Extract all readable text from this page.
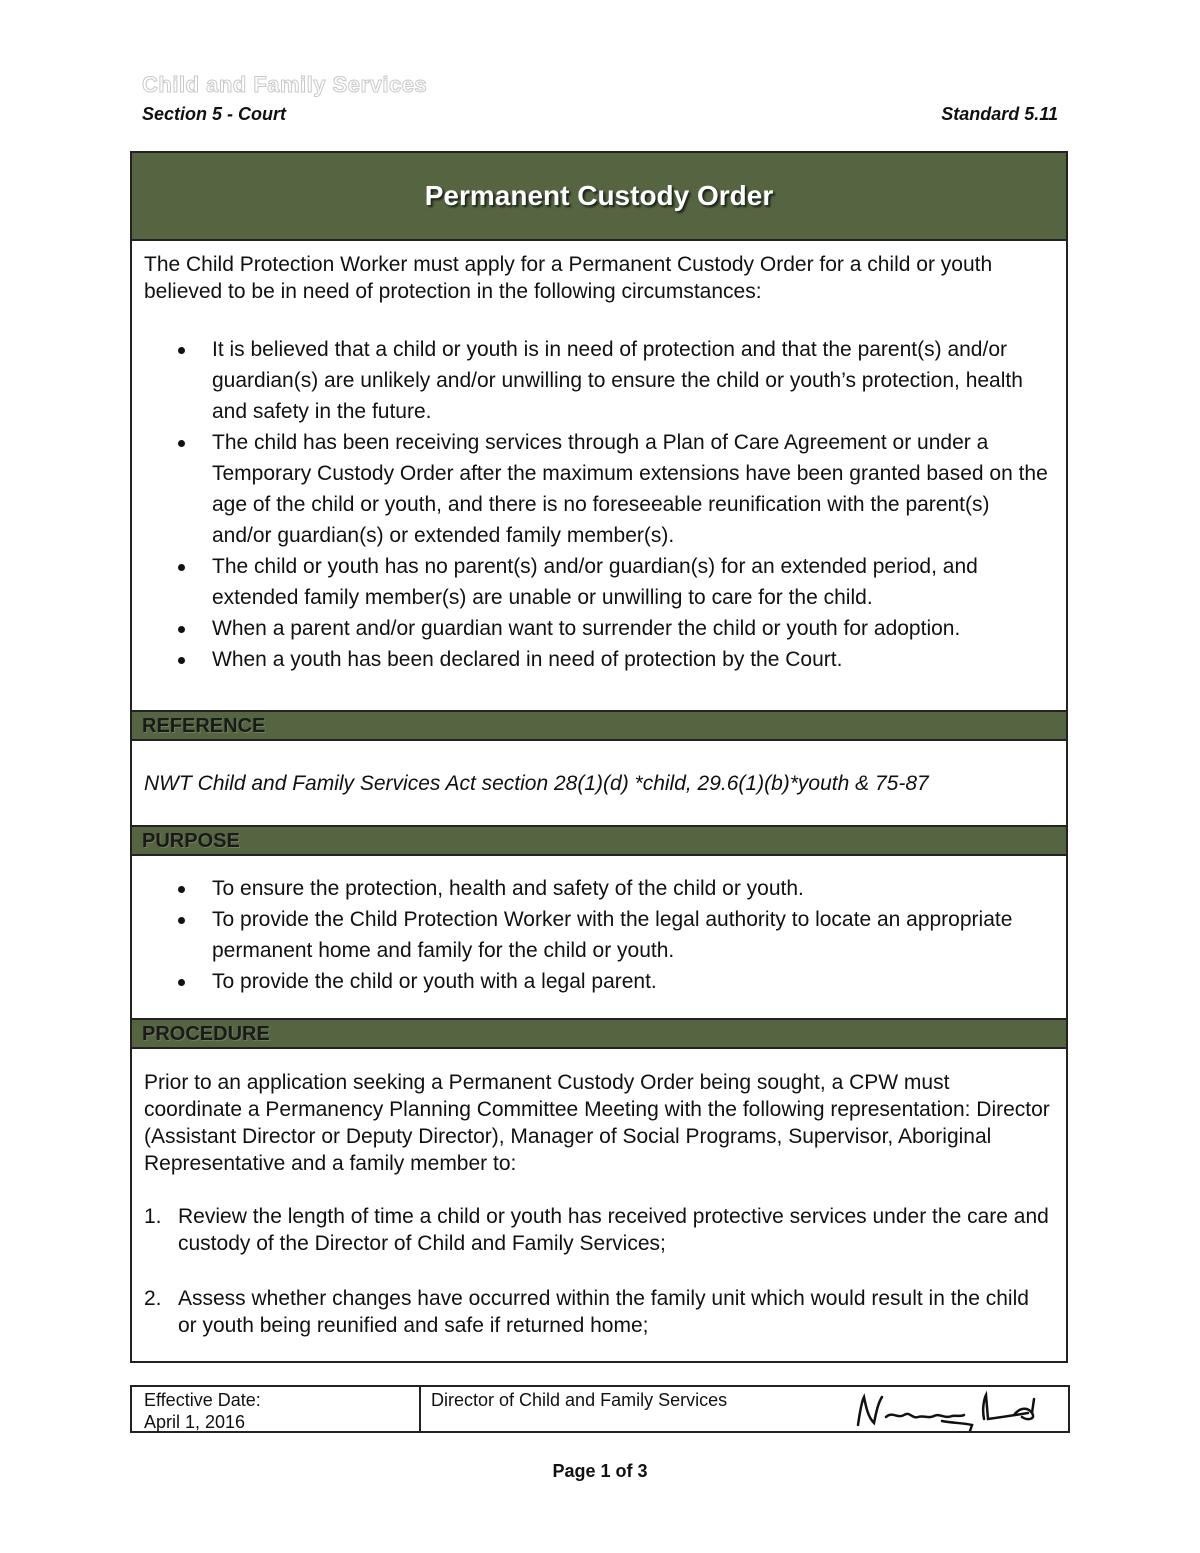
Child and Family Services
Section 5 - Court	Standard 5.11
Permanent Custody Order
The Child Protection Worker must apply for a Permanent Custody Order for a child or youth believed to be in need of protection in the following circumstances:
It is believed that a child or youth is in need of protection and that the parent(s) and/or guardian(s) are unlikely and/or unwilling to ensure the child or youth’s protection, health and safety in the future.
The child has been receiving services through a Plan of Care Agreement or under a Temporary Custody Order after the maximum extensions have been granted based on the age of the child or youth, and there is no foreseeable reunification with the parent(s) and/or guardian(s) or extended family member(s).
The child or youth has no parent(s) and/or guardian(s) for an extended period, and extended family member(s) are unable or unwilling to care for the child.
When a parent and/or guardian want to surrender the child or youth for adoption.
When a youth has been declared in need of protection by the Court.
REFERENCE
NWT Child and Family Services Act section 28(1)(d) *child, 29.6(1)(b)*youth & 75-87
PURPOSE
To ensure the protection, health and safety of the child or youth.
To provide the Child Protection Worker with the legal authority to locate an appropriate permanent home and family for the child or youth.
To provide the child or youth with a legal parent.
PROCEDURE
Prior to an application seeking a Permanent Custody Order being sought, a CPW must coordinate a Permanency Planning Committee Meeting with the following representation: Director (Assistant Director or Deputy Director), Manager of Social Programs, Supervisor, Aboriginal Representative and a family member to:
1. Review the length of time a child or youth has received protective services under the care and custody of the Director of Child and Family Services;
2. Assess whether changes have occurred within the family unit which would result in the child or youth being reunified and safe if returned home;
Effective Date:
April 1, 2016
Director of Child and Family Services
Page 1 of 3
